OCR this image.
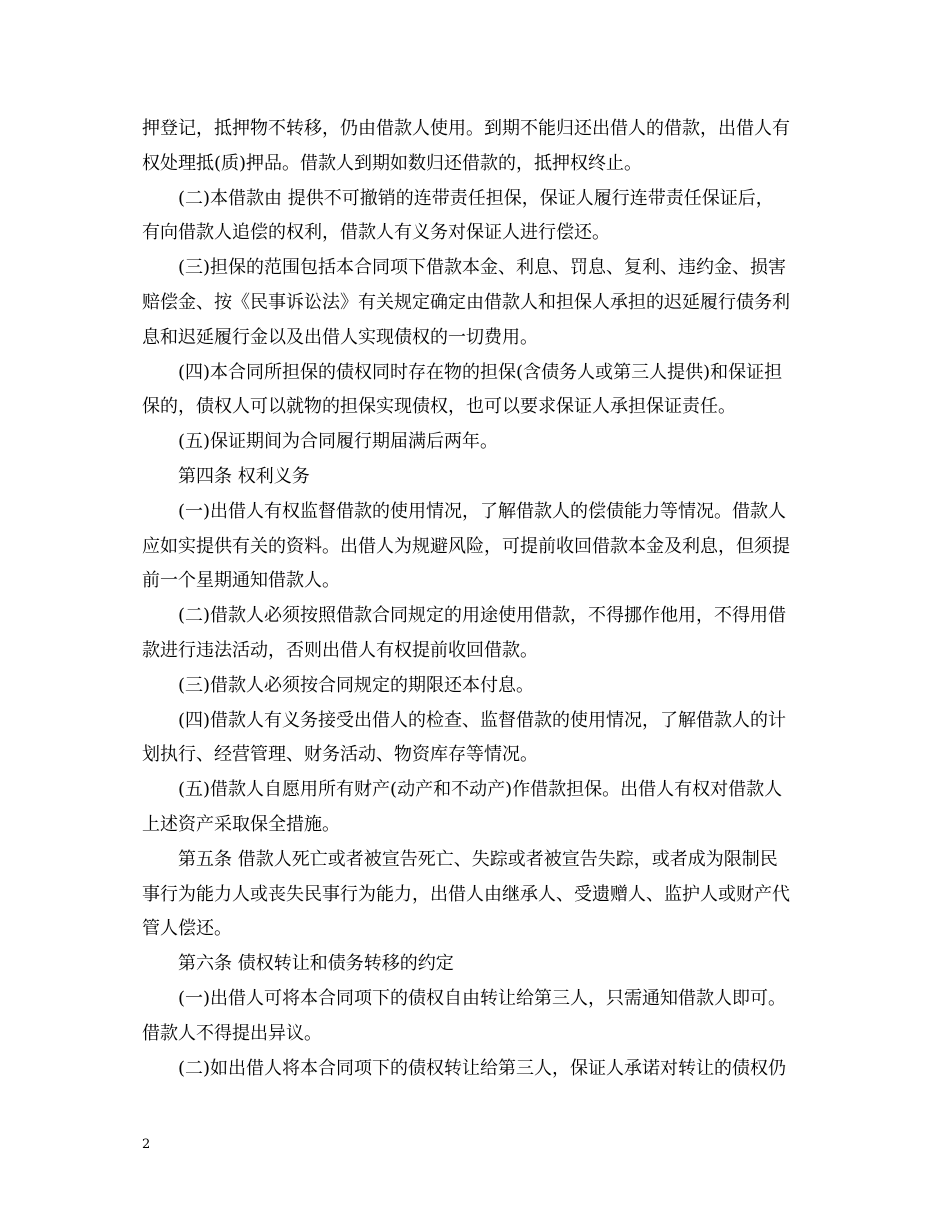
押登记，抵押物不转移，仍由借款人使用。到期不能归还出借人的借款，出借人有
权处理抵(质)押品。借款人到期如数归还借款的，抵押权终止。
(二)本借款由 提供不可撤销的连带责任担保，保证人履行连带责任保证后，
有向借款人追偿的权利，借款人有义务对保证人进行偿还。
(三)担保的范围包括本合同项下借款本金、利息、罚息、复利、违约金、损害
赔偿金、按《民事诉讼法》有关规定确定由借款人和担保人承担的迟延履行债务利
息和迟延履行金以及出借人实现债权的一切费用。
(四)本合同所担保的债权同时存在物的担保(含债务人或第三人提供)和保证担
保的，债权人可以就物的担保实现债权，也可以要求保证人承担保证责任。
(五)保证期间为合同履行期届满后两年。
第四条 权利义务
(一)出借人有权监督借款的使用情况，了解借款人的偿债能力等情况。借款人
应如实提供有关的资料。出借人为规避风险，可提前收回借款本金及利息，但须提
前一个星期通知借款人。
(二)借款人必须按照借款合同规定的用途使用借款，不得挪作他用，不得用借
款进行违法活动，否则出借人有权提前收回借款。
(三)借款人必须按合同规定的期限还本付息。
(四)借款人有义务接受出借人的检查、监督借款的使用情况，了解借款人的计
划执行、经营管理、财务活动、物资库存等情况。
(五)借款人自愿用所有财产(动产和不动产)作借款担保。出借人有权对借款人
上述资产采取保全措施。
第五条 借款人死亡或者被宣告死亡、失踪或者被宣告失踪，或者成为限制民
事行为能力人或丧失民事行为能力，出借人由继承人、受遗赠人、监护人或财产代
管人偿还。
第六条 债权转让和债务转移的约定
(一)出借人可将本合同项下的债权自由转让给第三人，只需通知借款人即可。
借款人不得提出异议。
(二)如出借人将本合同项下的债权转让给第三人，保证人承诺对转让的债权仍
2
